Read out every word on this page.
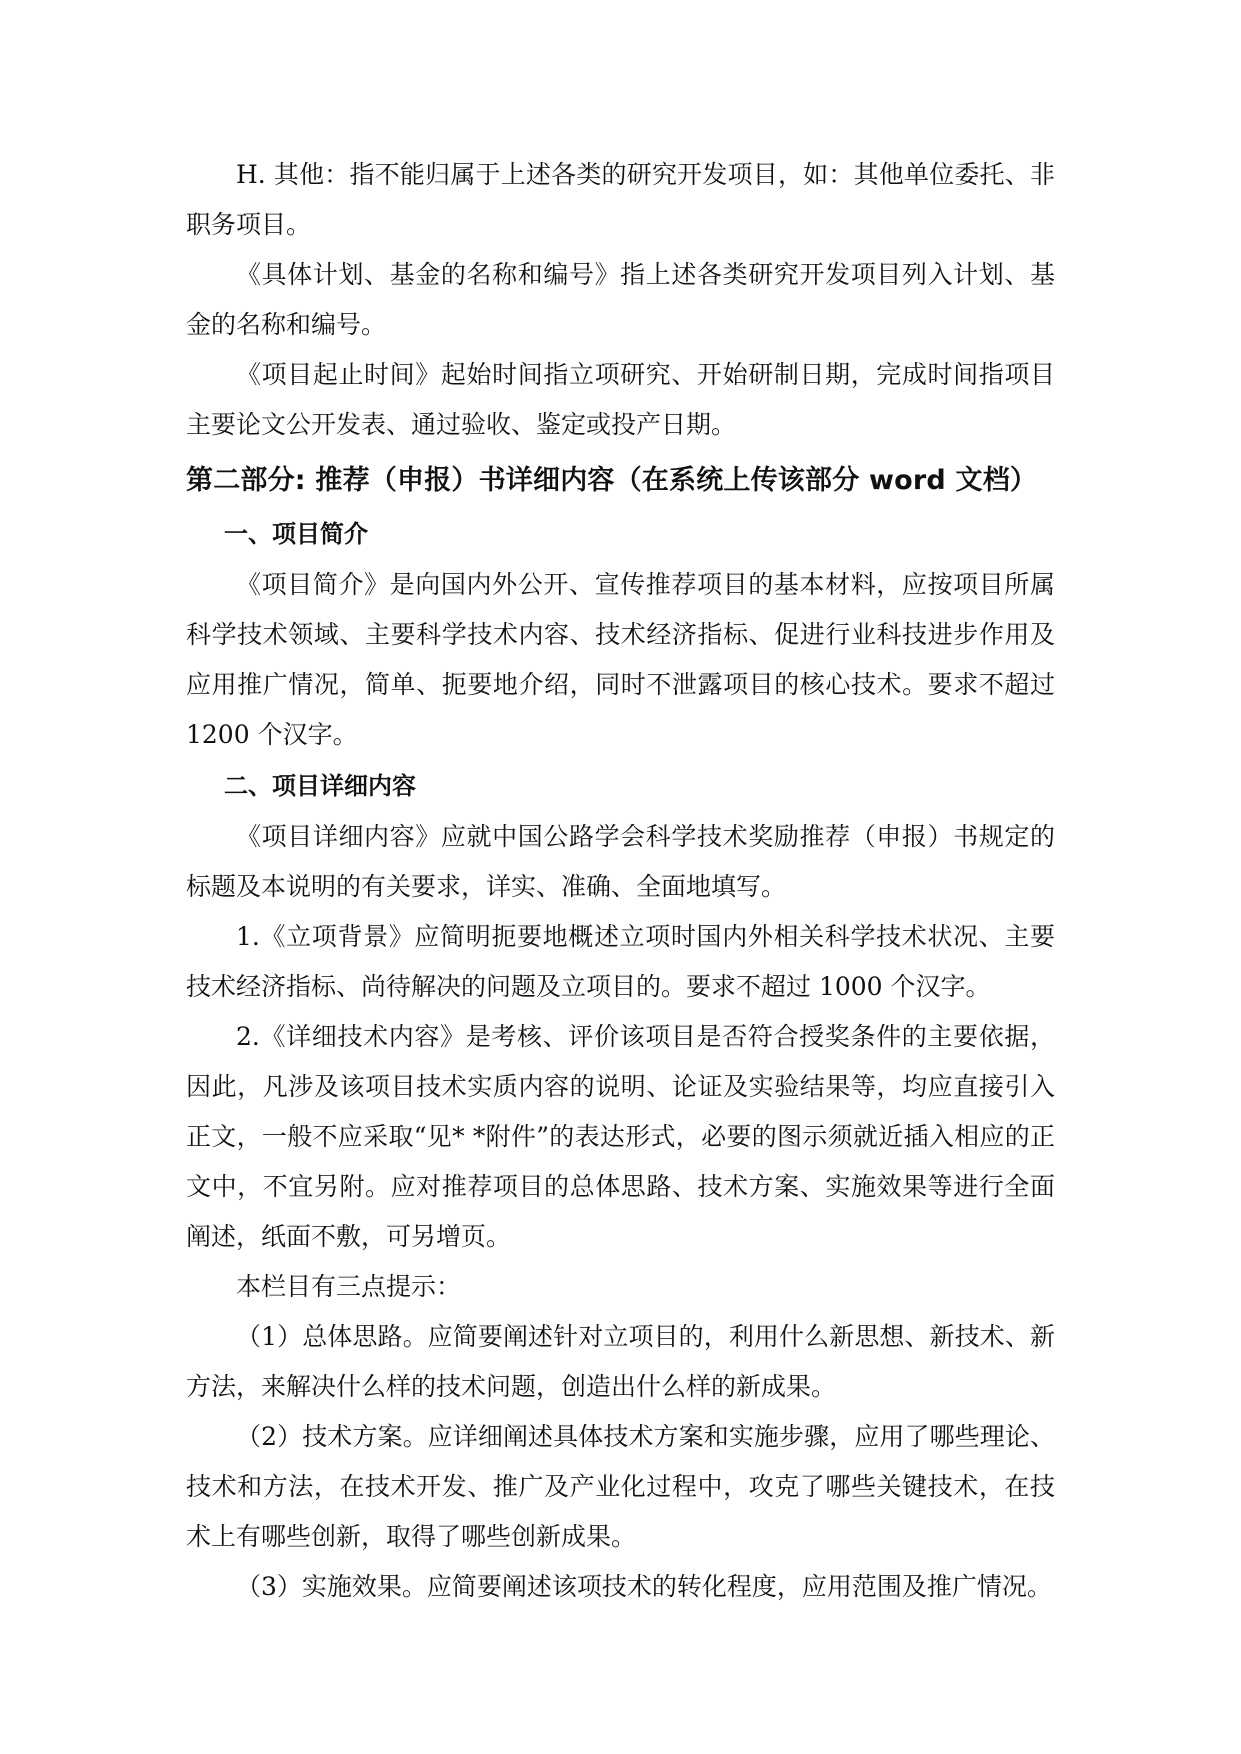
H. 其他：指不能归属于上述各类的研究开发项目，如：其他单位委托、非职务项目。

《具体计划、基金的名称和编号》指上述各类研究开发项目列入计划、基金的名称和编号。

《项目起止时间》起始时间指立项研究、开始研制日期，完成时间指项目主要论文公开发表、通过验收、鉴定或投产日期。

第二部分: 推荐（申报）书详细内容（在系统上传该部分 word 文档）
一、项目简介

《项目简介》是向国内外公开、宣传推荐项目的基本材料，应按项目所属科学技术领域、主要科学技术内容、技术经济指标、促进行业科技进步作用及应用推广情况，简单、扼要地介绍，同时不泄露项目的核心技术。要求不超过 1200 个汉字。

二、项目详细内容

《项目详细内容》应就中国公路学会科学技术奖励推荐（申报）书规定的标题及本说明的有关要求，详实、准确、全面地填写。

1.《立项背景》应简明扼要地概述立项时国内外相关科学技术状况、主要技术经济指标、尚待解决的问题及立项目的。要求不超过 1000 个汉字。

2.《详细技术内容》是考核、评价该项目是否符合授奖条件的主要依据，因此，凡涉及该项目技术实质内容的说明、论证及实验结果等，均应直接引入正文，一般不应采取“见* *附件”的表达形式，必要的图示须就近插入相应的正文中，不宜另附。应对推荐项目的总体思路、技术方案、实施效果等进行全面阐述，纸面不敷，可另增页。

本栏目有三点提示：

（1）总体思路。应简要阐述针对立项目的，利用什么新思想、新技术、新方法，来解决什么样的技术问题，创造出什么样的新成果。

（2）技术方案。应详细阐述具体技术方案和实施步骤，应用了哪些理论、技术和方法，在技术开发、推广及产业化过程中，攻克了哪些关键技术，在技术上有哪些创新，取得了哪些创新成果。

（3）实施效果。应简要阐述该项技术的转化程度，应用范围及推广情况。
